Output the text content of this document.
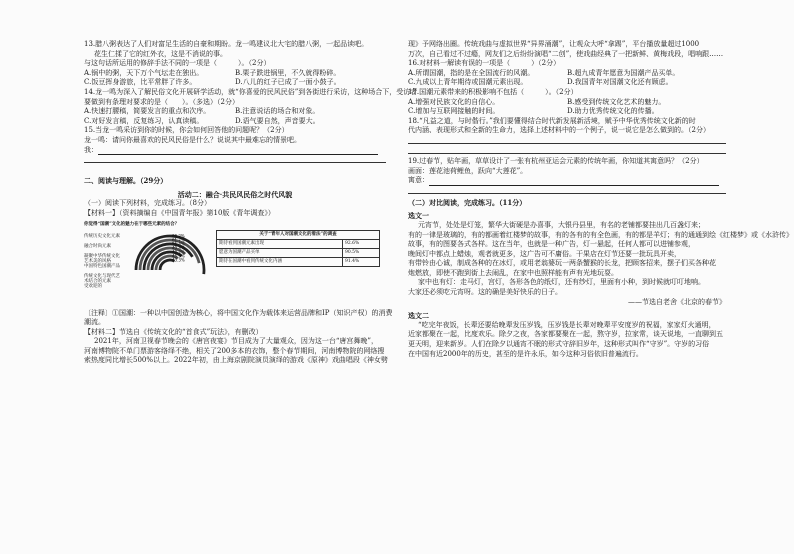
13.腊八粥表达了人们对富足生活的自豪和期盼。龙一鸣建议北大宅的腊八粥，一起品读吧。
花生仁揉了它的红外衣，这是不消说的事。
与这句话所运用的修辞手法不同的一项是（　　　）。（2分）
A.锅中的粥，天下万个气坛走在独出。	B.栗子跌进锅里，不久就得粉碎。
C.饭豆挥身游旅，比平常胖了许多。	D.八儿的红子已成了一面小鼓子。
14.龙一鸣为深入了解民俗文化开展研学活动，就“你喜爱的民风民俗”到各街进行采访，这种场合下，受访者
要做到有条理对要求的是（　　）。（多选）（2分）
A.快速打腰稿，简要发言的重点和次序。	B.注意说话的场合和对象。
C.对好发言稿，反复练习，认真读稿。	D.语气要自然，声音要大。
15.当龙一鸣采访到你的时候，你会如何回答他的问题呢？（2分）
龙一鸣：请问你最喜欢的民风民俗是什么？说说其中最难忘的情景吧。
我：
二、阅读与理解。（29分）
活动二：融合·共民风民俗之时代风貌
（一）阅读下列材料，完成练习。（8分）
【材料一】（资料摘编自《中国青年报》第10版《青年调查》）
你觉得“国潮”文化的魅力在于哪些元素的结合？
69.2%
61.7%
55.4%
49.4%
48.2%
45.9%
43.3%
传统历史文化元素
融合时尚元素
凝聚中华传统文化艺术美的风格
中国特色国潮产品
传统文化与现代艺术结合的元素
受欢迎的
关于“青年人对国潮文化的看法”的调查
期待看到国潮元素出现	92.6%
愿意为国潮产品买单	90.5%
期待在国潮中看到传统文化内涵	91.4%
〔注释〕①国潮：一种以中国创造为核心，将中国文化作为载体来运营品牌和IP（知识产权）的消费
潮流。
【材料二】节选自《传统文化的“首食式”玩法》，有删改）
2021年，河南卫视春节晚会的《唐宫夜宴》节目成为了大量观众，因为这一台“唐宫舞晚”，
河南博物院不单门票游客络绎不绝，相关了200多本的衣饰，整个春节期间，河南博物院的网络搜
索热度同比增长500%以上。2022年初，由上海京剧院演员演绎的游戏《原神》戏曲唱段《神女劈
现》予网络出圈。传统戏曲与虚拟世界“异界涌潮”，让观众大呼“拿踢”，平台播放量超过1000
万次，自己看过不过瘾，网友们之后纷纷演唱“二创”，使戏曲经典了一把新鲜、黄梅戏段，唱响跟……
16.对材料一解读有误的一项是（　　　）（2分）
A.所谓国潮，指的是在全国流行的风潮。	B.超九成青年愿意为国潮产品买单。
C.九成以上青年期待或国潮元素出现。	D.我国青年对国潮文化还有顾虑。
17.国潮元素带来的积极影响不包括（　　　）。（2分）
A.增强对民族文化的自信心。	B.感受到传统文化艺术的魅力。
C.增加与互联网接触的时间。	D.助力优秀传统文化的传播。
18.“凡益之道，与时偕行。”我们要懂得结合时代新发展新活境，赋予中华优秀传统文化新的时
代内涵、表现形式和全新的生命力，选择上述材料中的一个例子，说一说它是怎么做到的。（2分）
19.过春节，贴年画，草草设计了一张有杭州亚运会元素的传统年画，你知道其寓意吗？（2分）
画面：莲花池荷鲤鱼，跃向“大莲花”。
寓意：
（二）对比阅读，完成练习。（11分）
选文一
元宵节，处处是灯笼，繁华大街硬是办喜事，大银丹县里，有名的老铺都要挂出几百盏灯来；
有的一律是玻璃的，有的都画着红楼梦的故事，有的各有的有全色画，有的都是羊灯；有的通通到绘《红楼梦》或《水浒传》
故事，有的图要各式各样。这在当年，也就是一种广告，灯一悬起，任何人都可以进铺参观，
晚间灯中都点上蜡烛，观者就更多，这广告可不庸俗。干果店在灯节还要一批玩具开卖，
有带铃由心诚，制成各种的在冰灯，或用老翁婆玩一两条蟹猴的长龙，把顾客招来，摆子们买各种花
炮燃放，即使不跑到街上去闹乱，在家中也照样能有声有光地玩耍。
家中也有灯：走马灯，宫灯，各形各色的纸灯，还有纱灯，里面有小种，到时候就叮叮地响。
大家还必须吃元宵呀。这的确是美好快乐的日子。
——节选自老舍《北京的春节》
选文二
“吃完年夜饭，长辈还要给晚辈发压岁钱，压岁钱是长辈对晚辈平安度岁的祝福，家家灯火通明，
近家都聚在一起，比度欢乐。除夕之夜，各家都要聚在一起，熬守岁，拉家常，谈天说地，一直聊到五
更天明，迎来新岁。人们在除夕以通宵不眠的形式守辞旧岁年，这种形式叫作“守岁”。守岁的习俗
在中国有近2000年的历史，甚至的是许永乐，如今这种习俗依旧普遍流行。
